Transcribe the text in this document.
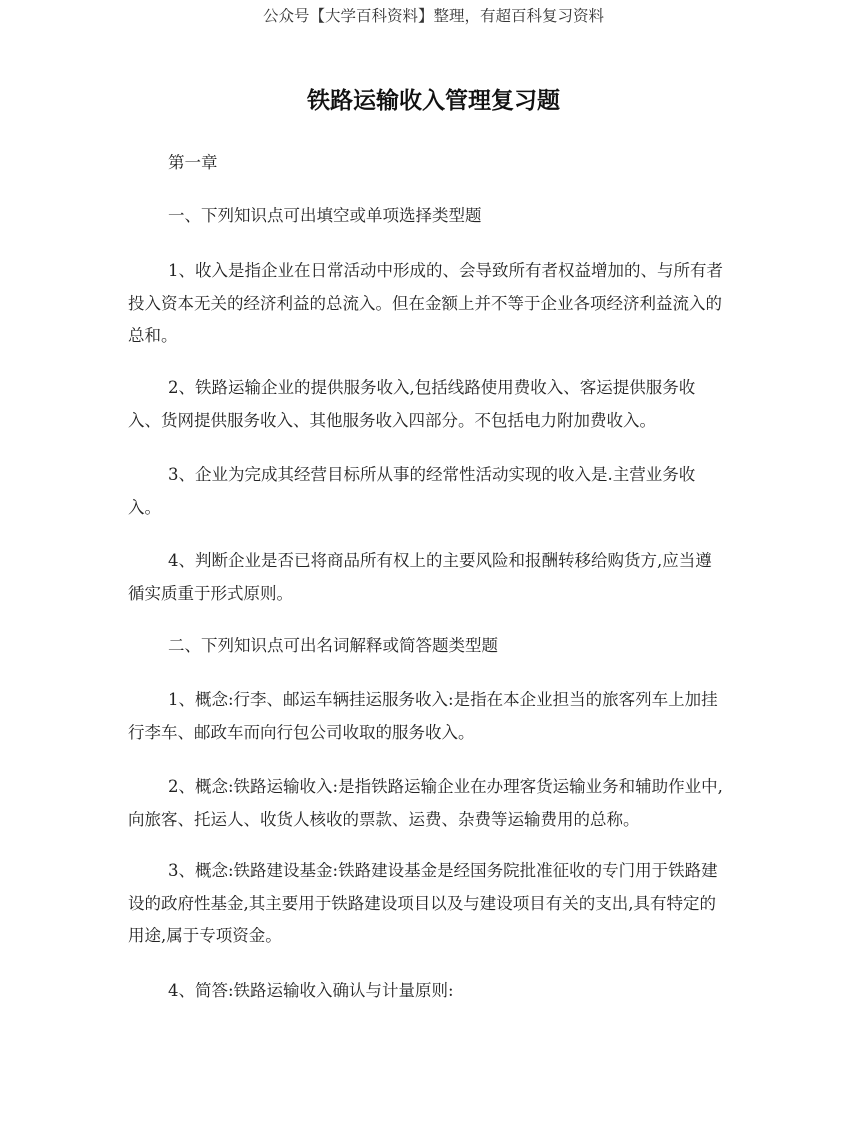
公众号【大学百科资料】整理，有超百科复习资料
铁路运输收入管理复习题
第一章
一、下列知识点可出填空或单项选择类型题
1、收入是指企业在日常活动中形成的、会导致所有者权益增加的、与所有者
投入资本无关的经济利益的总流入。但在金额上并不等于企业各项经济利益流入的
总和。
2、铁路运输企业的提供服务收入,包括线路使用费收入、客运提供服务收
入、货网提供服务收入、其他服务收入四部分。不包括电力附加费收入。
3、企业为完成其经营目标所从事的经常性活动实现的收入是.主营业务收
入。
4、判断企业是否已将商品所有权上的主要风险和报酬转移给购货方,应当遵
循实质重于形式原则。
二、下列知识点可出名词解释或简答题类型题
1、概念:行李、邮运车辆挂运服务收入:是指在本企业担当的旅客列车上加挂
行李车、邮政车而向行包公司收取的服务收入。
2、概念:铁路运输收入:是指铁路运输企业在办理客货运输业务和辅助作业中,
向旅客、托运人、收货人核收的票款、运费、杂费等运输费用的总称。
3、概念:铁路建设基金:铁路建设基金是经国务院批准征收的专门用于铁路建
设的政府性基金,其主要用于铁路建设项目以及与建设项目有关的支出,具有特定的
用途,属于专项资金。
4、简答:铁路运输收入确认与计量原则:
